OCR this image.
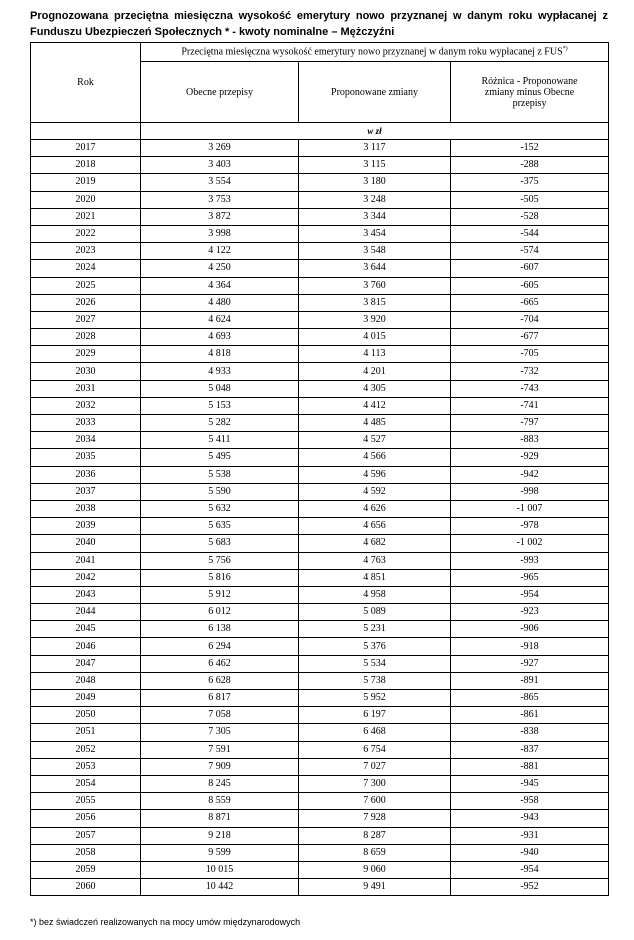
Prognozowana przeciętna miesięczna wysokość emerytury nowo przyznanej w danym roku wypłacanej z Funduszu Ubezpieczeń Społecznych * - kwoty nominalne – Mężczyźni
Rok	Przeciętna miesięczna wysokość emerytury nowo przyznanej w danym roku wypłacanej z FUS*)
	Obecne przepisy	Proponowane zmiany	Różnica - Proponowane zmiany minus Obecne przepisy
	w zł		
2017	3 269	3 117	-152
2018	3 403	3 115	-288
2019	3 554	3 180	-375
2020	3 753	3 248	-505
2021	3 872	3 344	-528
2022	3 998	3 454	-544
2023	4 122	3 548	-574
2024	4 250	3 644	-607
2025	4 364	3 760	-605
2026	4 480	3 815	-665
2027	4 624	3 920	-704
2028	4 693	4 015	-677
2029	4 818	4 113	-705
2030	4 933	4 201	-732
2031	5 048	4 305	-743
2032	5 153	4 412	-741
2033	5 282	4 485	-797
2034	5 411	4 527	-883
2035	5 495	4 566	-929
2036	5 538	4 596	-942
2037	5 590	4 592	-998
2038	5 632	4 626	-1 007
2039	5 635	4 656	-978
2040	5 683	4 682	-1 002
2041	5 756	4 763	-993
2042	5 816	4 851	-965
2043	5 912	4 958	-954
2044	6 012	5 089	-923
2045	6 138	5 231	-906
2046	6 294	5 376	-918
2047	6 462	5 534	-927
2048	6 628	5 738	-891
2049	6 817	5 952	-865
2050	7 058	6 197	-861
2051	7 305	6 468	-838
2052	7 591	6 754	-837
2053	7 909	7 027	-881
2054	8 245	7 300	-945
2055	8 559	7 600	-958
2056	8 871	7 928	-943
2057	9 218	8 287	-931
2058	9 599	8 659	-940
2059	10 015	9 060	-954
2060	10 442	9 491	-952
*) bez świadczeń realizowanych na mocy umów międzynarodowych
